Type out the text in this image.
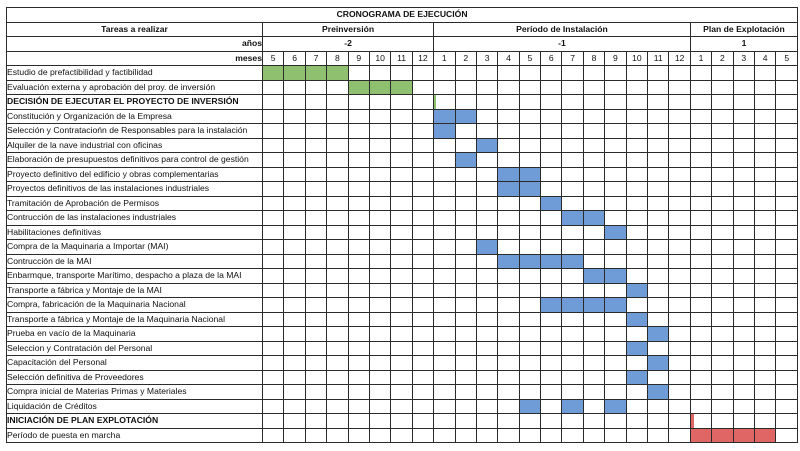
CRONOGRAMA DE EJECUCIÓN																									
Tareas a realizar	Preinversión								Período de Instalación												Plan de Explotación				
años	-2								-1												1				
meses	5	6	7	8	9	10	11	12	1	2	3	4	5	6	7	8	9	10	11	12	1	2	3	4	5
Estudio de prefactibilidad y factibilidad																									
Evaluación externa y aprobación del proy. de inversión																									
DECISIÓN DE EJECUTAR EL PROYECTO DE INVERSIÓN																									
Constitución y Organización de la Empresa																									
Selección y Contrataciońn de Responsables para la instalación																									
Alquiler de la nave industrial con oficinas																									
Elaboración de presupuestos definitivos para control de gestión																									
Proyecto definitivo del edificio y obras complementarias																									
Proyectos definitivos de las instalaciones industriales																									
Tramitación de Aprobación de Permisos																									
Contrucción de las instalaciones industriales																									
Habilitaciones definitivas																									
Compra de la Maquinaria a Importar (MAI)																									
Contrucción de la MAI																									
Enbarmque, transporte Marítimo, despacho a plaza de la MAI																									
Transporte a fábrica y Montaje de la MAI																									
Compra, fabricación de la Maquinaria Nacional																									
Transporte a fábrica y Montaje de la Maquinaria Nacional																									
Prueba en vacío de la Maquinaria																									
Seleccion y Contratación del Personal																									
Capacitación del Personal																									
Selección definitiva de Proveedores																									
Compra inicial de Materias Primas y Materiales																									
Liquidación de Créditos																									
INICIACIÓN DE PLAN EXPLOTACIÓN																									
Período de puesta en marcha																									
